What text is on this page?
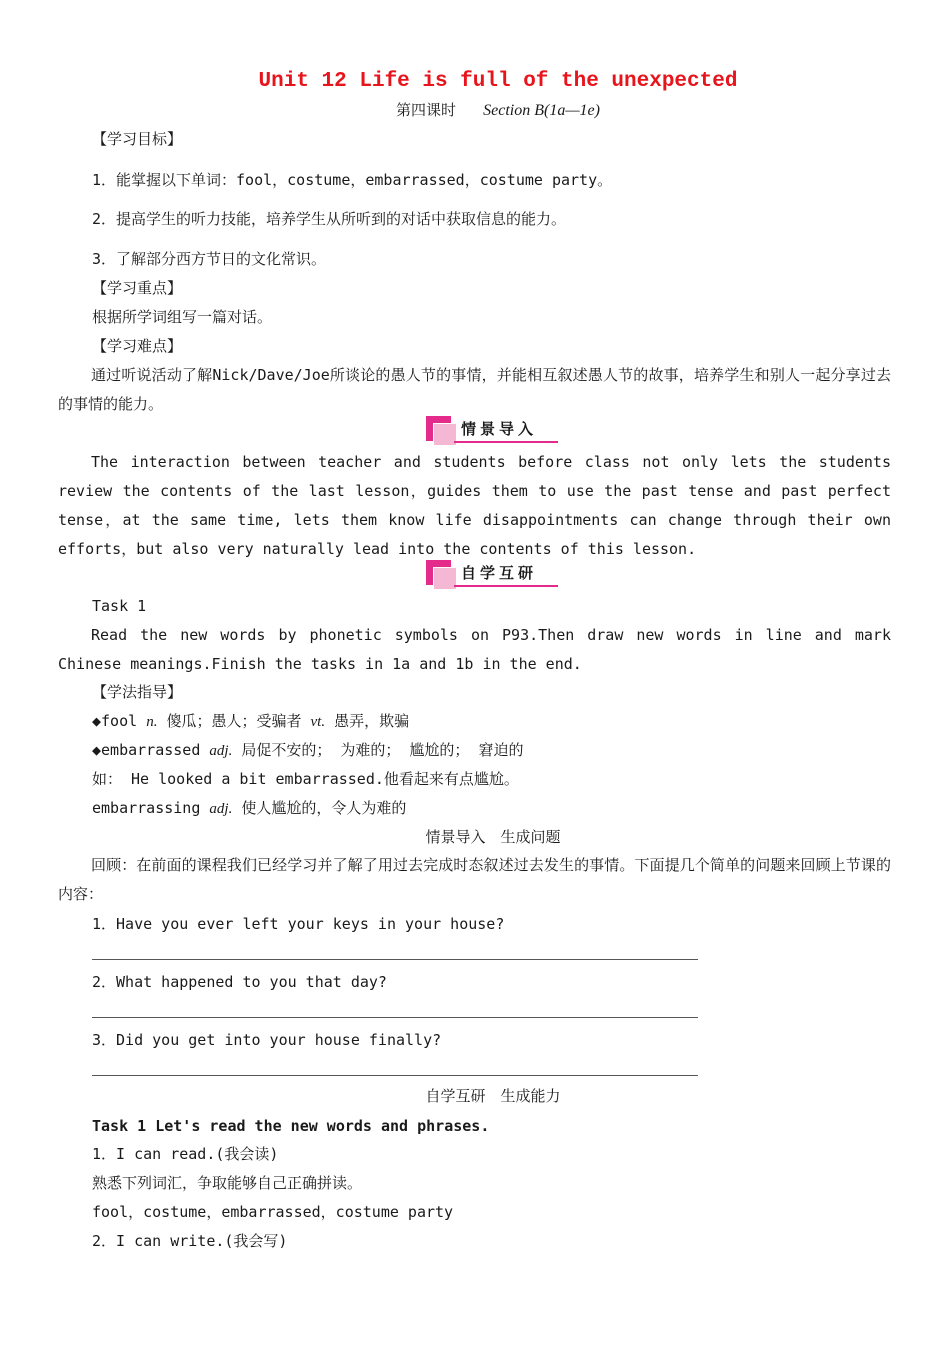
Unit 12 Life is full of the unexpected
第四课时 Section B(1a—1e)
【学习目标】
1．能掌握以下单词：fool，costume，embarrassed，costume party。
2．提高学生的听力技能，培养学生从所听到的对话中获取信息的能力。
3．了解部分西方节日的文化常识。
【学习重点】
根据所学词组写一篇对话。
【学习难点】
通过听说活动了解Nick/Dave/Joe所谈论的愚人节的事情，并能相互叙述愚人节的故事，培养学生和别人一起分享过去的事情的能力。
情景导入
The interaction between teacher and students before class not only lets the students review the contents of the last lesson，guides them to use the past tense and past perfect tense，at the same time, lets them know life disappointments can change through their own efforts，but also very naturally lead into the contents of this lesson.
自学互研
Task 1
Read the new words by phonetic symbols on P93.Then draw new words in line and mark Chinese meanings.Finish the tasks in 1a and 1b in the end.
【学法指导】
◆fool n. 傻瓜；愚人；受骗者 vt. 愚弄，欺骗
◆embarrassed adj. 局促不安的； 为难的； 尴尬的； 窘迫的
如： He looked a bit embarrassed.他看起来有点尴尬。
embarrassing adj. 使人尴尬的，令人为难的
情景导入　生成问题
回顾：在前面的课程我们已经学习并了解了用过去完成时态叙述过去发生的事情。下面提几个简单的问题来回顾上节课的内容：
1．Have you ever left your keys in your house?
2．What happened to you that day?
3．Did you get into your house finally?
自学互研　生成能力
Task 1 Let's read the new words and phrases.
1．I can read.(我会读)
熟悉下列词汇，争取能够自己正确拼读。
fool，costume，embarrassed，costume party
2．I can write.(我会写)
